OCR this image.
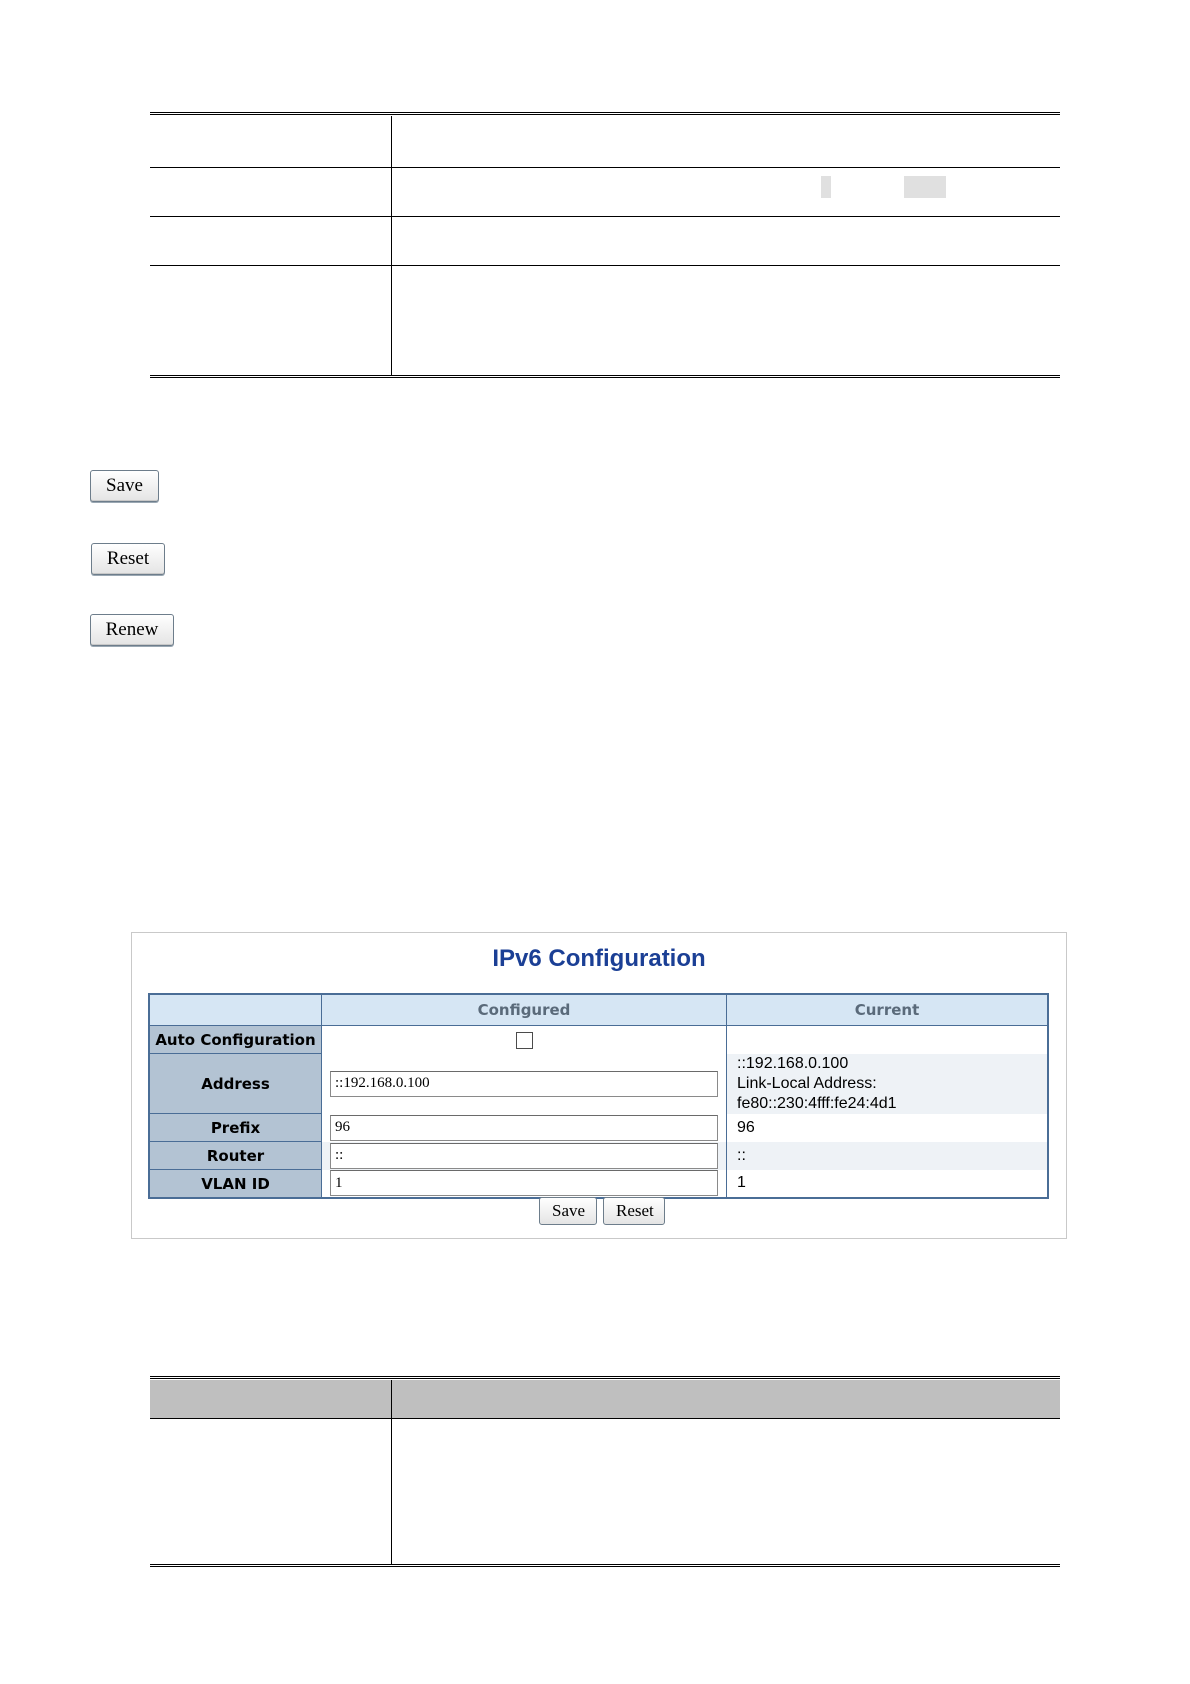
Save
Reset
Renew
IPv6 Configuration
	Configured	Current
Auto Configuration		
Address	::192.168.0.100	::192.168.0.100
Link-Local Address: fe80::230:4fff:fe24:4d1

Prefix	96	96
Router	::	::
VLAN ID	1	1
Save	Reset
